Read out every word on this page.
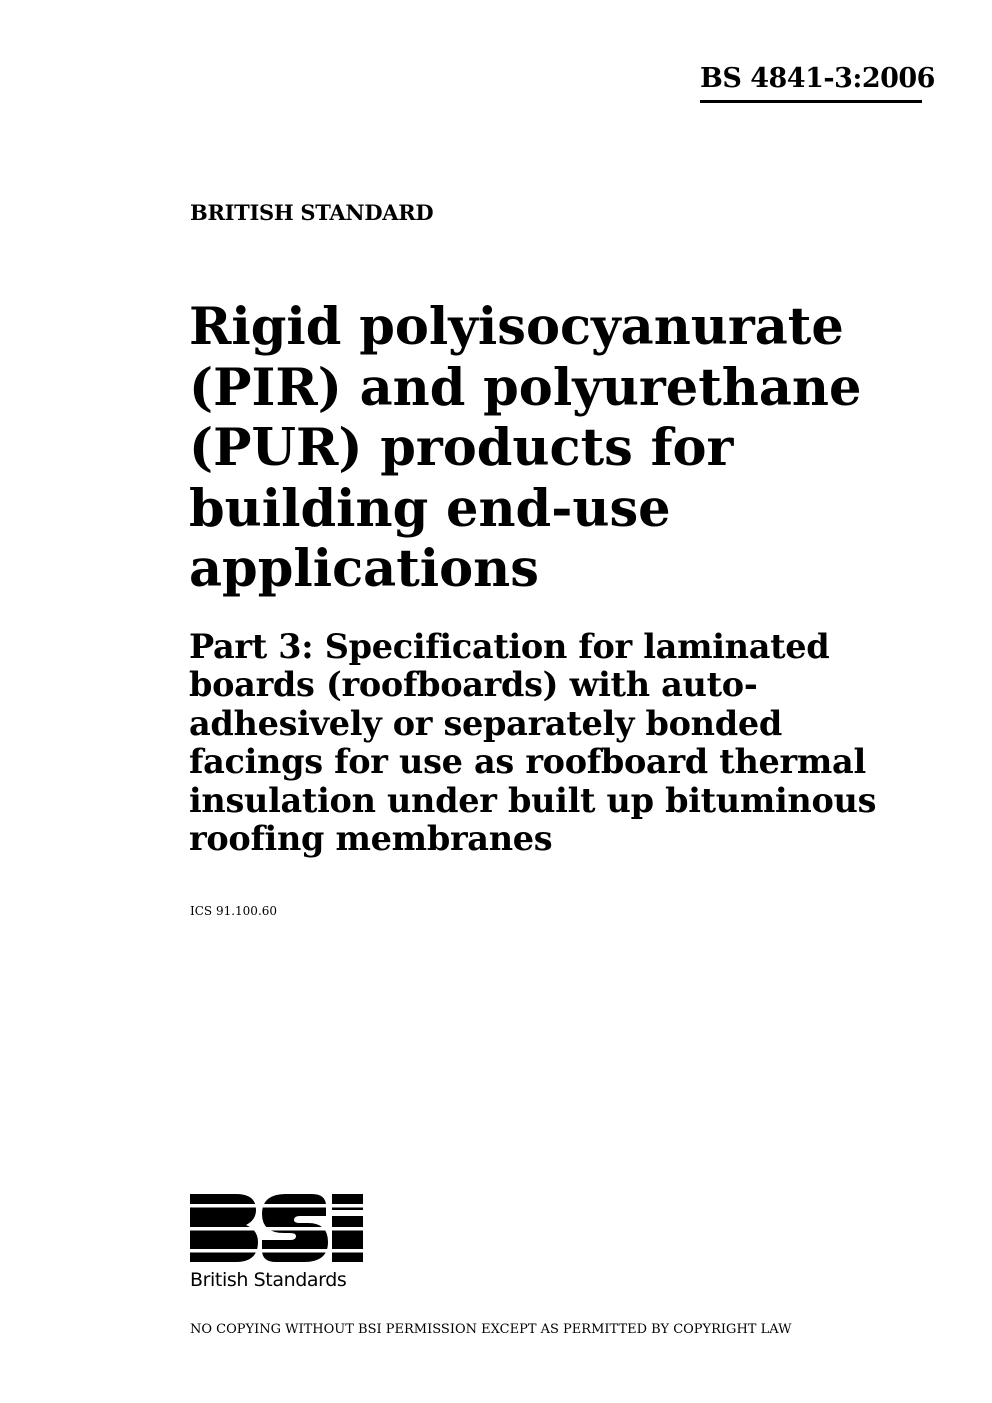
BS 4841-3:2006
BRITISH STANDARD
Rigid polyisocyanurate
(PIR) and polyurethane
(PUR) products for
building end-use
applications
Part 3: Specification for laminated
boards (roofboards) with auto-
adhesively or separately bonded
facings for use as roofboard thermal
insulation under built up bituminous
roofing membranes
ICS 91.100.60
British Standards
NO COPYING WITHOUT BSI PERMISSION EXCEPT AS PERMITTED BY COPYRIGHT LAW
